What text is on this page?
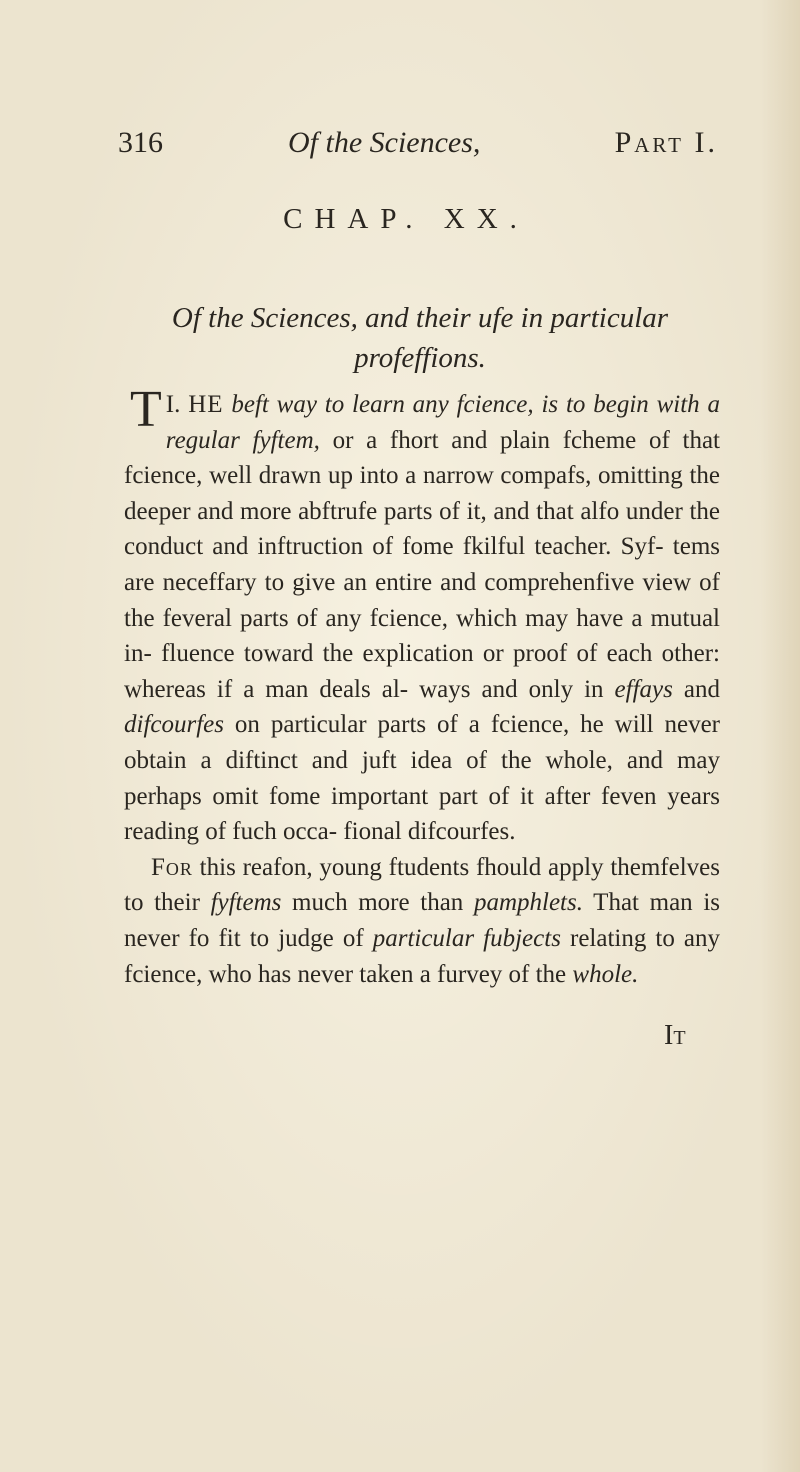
316	Of the Sciences,	Part I.
CHAP. XX.
Of the Sciences, and their ufe in particular
profeffions.

I.
T HE beft way to learn any fcience, is to begin with a regular fyftem, or a fhort and plain fcheme of that fcience, well drawn up into a narrow compafs, omitting the deeper and more abftrufe parts of it, and that alfo under the conduct and inftruction of fome fkilful teacher. Syf- tems are neceffary to give an entire and comprehenfive view of the feveral parts of any fcience, which may have a mutual in- fluence toward the explication or proof of each other: whereas if a man deals al- ways and only in effays and difcourfes on particular parts of a fcience, he will never obtain a diftinct and juft idea of the whole, and may perhaps omit fome important part of it after feven years reading of fuch occa- fional difcourfes.

For this reafon, young ftudents fhould apply themfelves to their fyftems much more than pamphlets. That man is never fo fit to judge of particular fubjects relating to any fcience, who has never taken a furvey of the whole.

It
